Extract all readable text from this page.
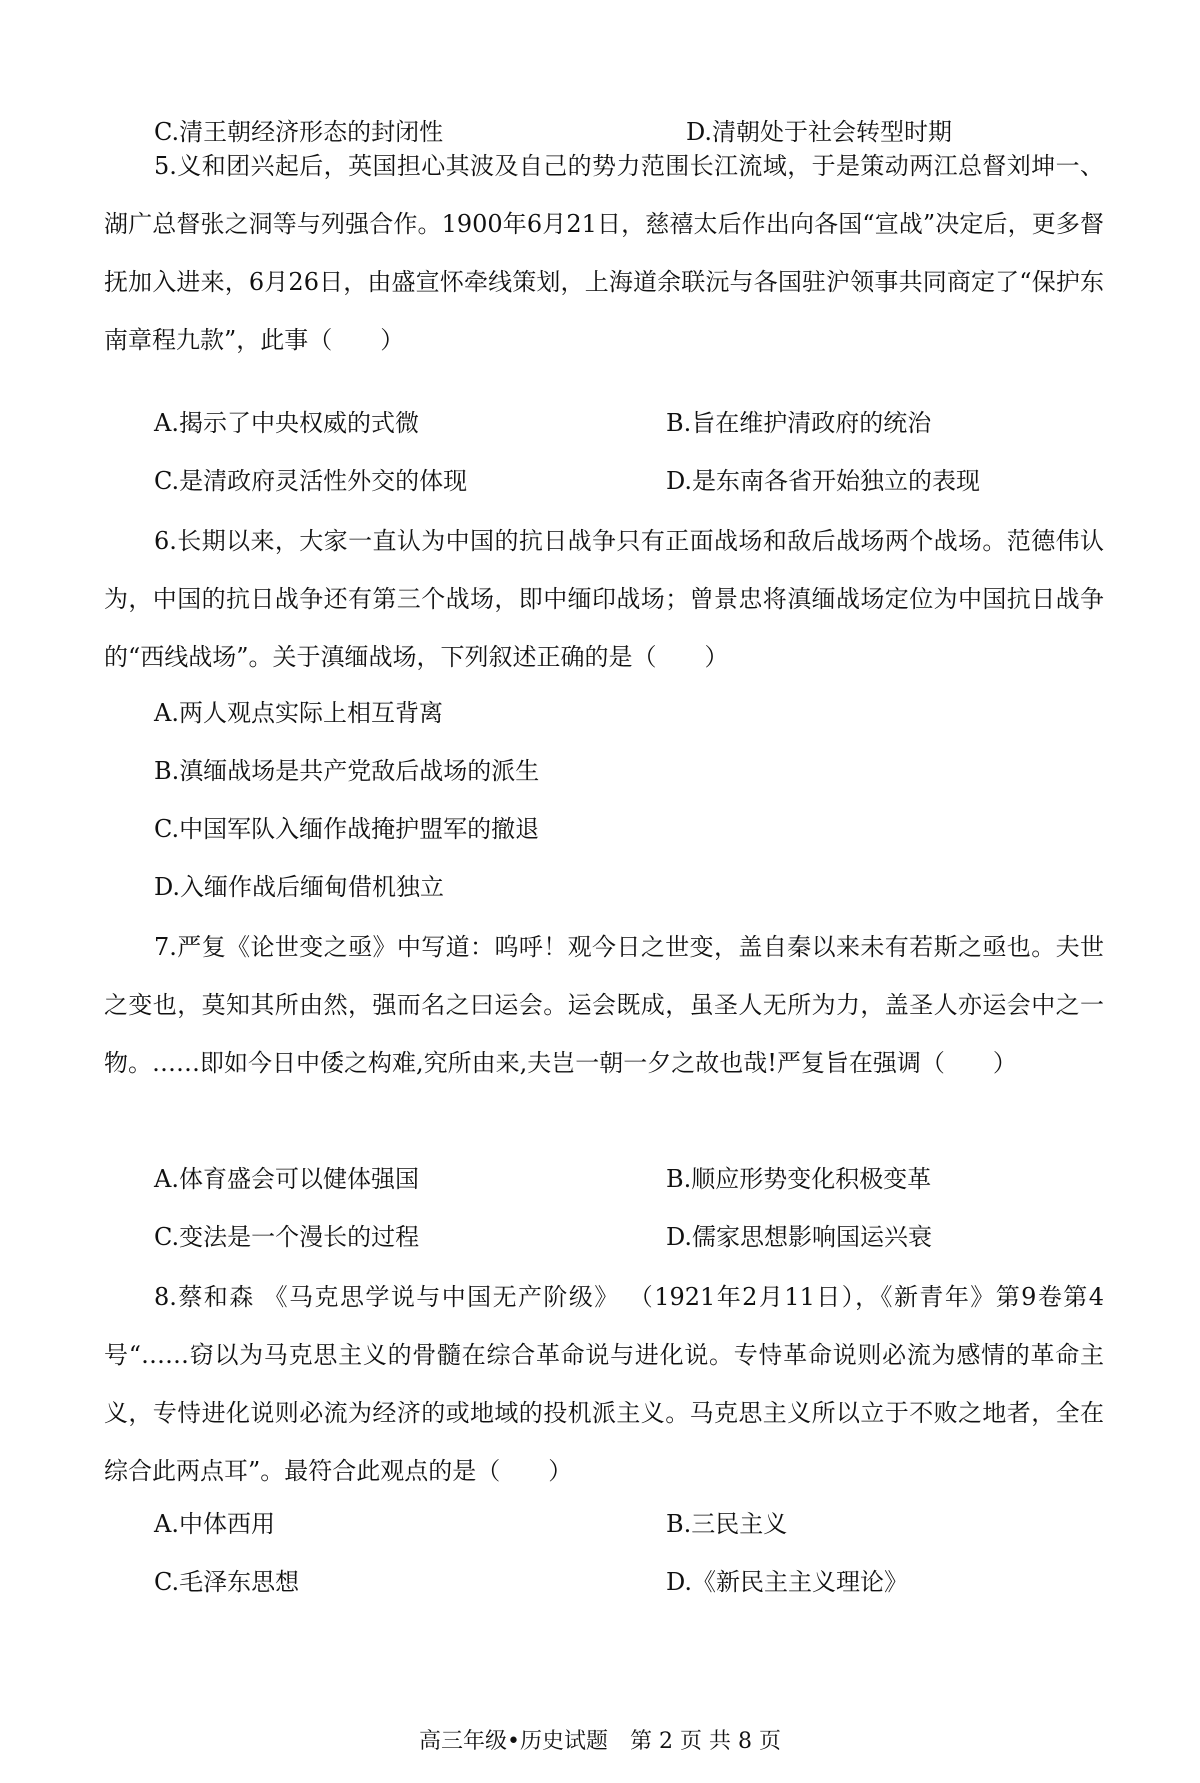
C.清王朝经济形态的封闭性	D.清朝处于社会转型时期
5.义和团兴起后，英国担心其波及自己的势力范围长江流域，于是策动两江总督刘坤一、湖广总督张之洞等与列强合作。1900年6月21日，慈禧太后作出向各国“宣战”决定后，更多督抚加入进来，6月26日，由盛宣怀牵线策划，上海道余联沅与各国驻沪领事共同商定了“保护东南章程九款”，此事（　　）
A.揭示了中央权威的式微	B.旨在维护清政府的统治
C.是清政府灵活性外交的体现	D.是东南各省开始独立的表现
6.长期以来，大家一直认为中国的抗日战争只有正面战场和敌后战场两个战场。范德伟认为，中国的抗日战争还有第三个战场，即中缅印战场；曾景忠将滇缅战场定位为中国抗日战争的“西线战场”。关于滇缅战场，下列叙述正确的是（　　）
A.两人观点实际上相互背离
B.滇缅战场是共产党敌后战场的派生
C.中国军队入缅作战掩护盟军的撤退
D.入缅作战后缅甸借机独立
7.严复《论世变之亟》中写道：呜呼！观今日之世变，盖自秦以来未有若斯之亟也。夫世之变也，莫知其所由然，强而名之曰运会。运会既成，虽圣人无所为力，盖圣人亦运会中之一物。……即如今日中倭之构难,究所由来,夫岂一朝一夕之故也哉!严复旨在强调（　　）
A.体育盛会可以健体强国	B.顺应形势变化积极变革
C.变法是一个漫长的过程	D.儒家思想影响国运兴衰
8.蔡和森 《马克思学说与中国无产阶级》 （1921年2月11日），《新青年》第9卷第4号“……窃以为马克思主义的骨髓在综合革命说与进化说。专恃革命说则必流为感情的革命主义，专恃进化说则必流为经济的或地域的投机派主义。马克思主义所以立于不败之地者，全在综合此两点耳”。最符合此观点的是（　　）
A.中体西用	B.三民主义
C.毛泽东思想	D.《新民主主义理论》
高三年级•历史试题　第 2 页 共 8 页
